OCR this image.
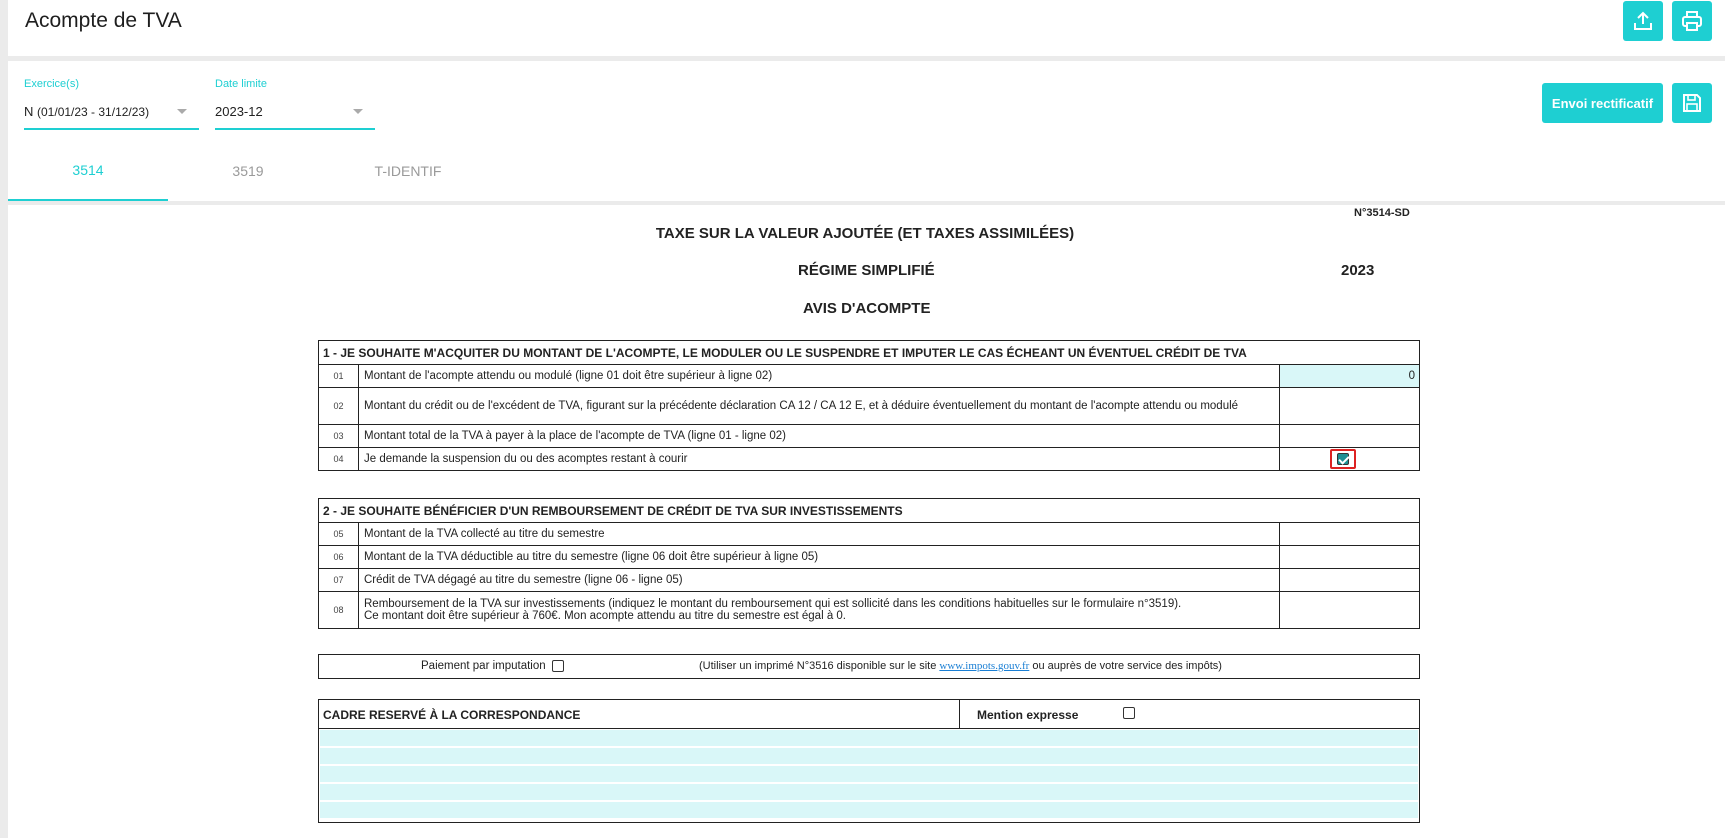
Acompte de TVA
Exercice(s)
N (01/01/23 - 31/12/23)
Date limite
2023-12
Envoi rectificatif
3514	3519	T-IDENTIF
N°3514-SD
TAXE SUR LA VALEUR AJOUTÉE (ET TAXES ASSIMILÉES)
RÉGIME SIMPLIFIÉ	2023
AVIS D'ACOMPTE
1 - JE SOUHAITE M'ACQUITER DU MONTANT DE L'ACOMPTE, LE MODULER OU LE SUSPENDRE ET IMPUTER LE CAS ÉCHEANT UN ÉVENTUEL CRÉDIT DE TVA		
01	Montant de l'acompte attendu ou modulé (ligne 01 doit être supérieur à ligne 02)	0
02	Montant du crédit ou de l'excédent de TVA, figurant sur la précédente déclaration CA 12 / CA 12 E, et à déduire éventuellement du montant de l'acompte attendu ou modulé	
03	Montant total de la TVA à payer à la place de l'acompte de TVA (ligne 01 - ligne 02)	
04	Je demande la suspension du ou des acomptes restant à courir	
2 - JE SOUHAITE BÉNÉFICIER D'UN REMBOURSEMENT DE CRÉDIT DE TVA SUR INVESTISSEMENTS		
05	Montant de la TVA collecté au titre du semestre	
06	Montant de la TVA déductible au titre du semestre (ligne 06 doit être supérieur à ligne 05)	
07	Crédit de TVA dégagé au titre du semestre (ligne 06 - ligne 05)	
08	Remboursement de la TVA sur investissements (indiquez le montant du remboursement qui est sollicité dans les conditions habituelles sur le formulaire n°3519).
Ce montant doit être supérieur à 760€. Mon acompte attendu au titre du semestre est égal à 0.	

Paiement par imputation	(Utiliser un imprimé N°3516 disponible sur le site www.impots.gouv.fr ou auprès de votre service des impôts)
CADRE RESERVÉ À LA CORRESPONDANCE	Mention expresse
